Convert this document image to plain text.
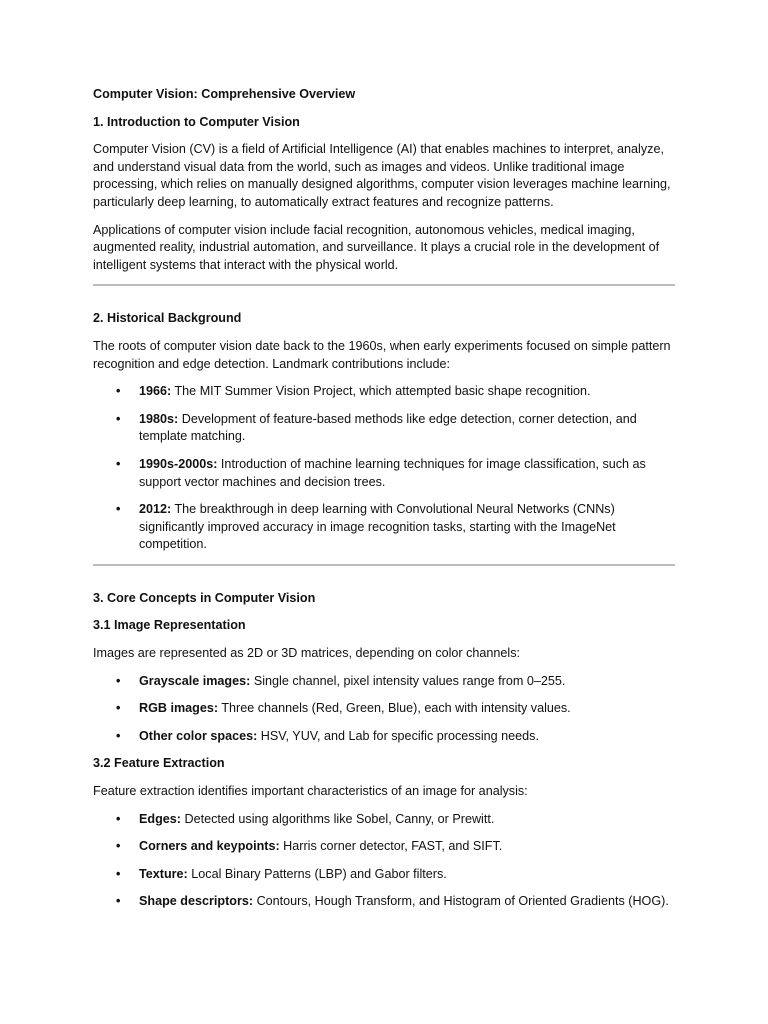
Computer Vision: Comprehensive Overview
1. Introduction to Computer Vision

Computer Vision (CV) is a field of Artificial Intelligence (AI) that enables machines to interpret, analyze, and understand visual data from the world, such as images and videos. Unlike traditional image processing, which relies on manually designed algorithms, computer vision leverages machine learning, particularly deep learning, to automatically extract features and recognize patterns.

Applications of computer vision include facial recognition, autonomous vehicles, medical imaging, augmented reality, industrial automation, and surveillance. It plays a crucial role in the development of intelligent systems that interact with the physical world.

2. Historical Background

The roots of computer vision date back to the 1960s, when early experiments focused on simple pattern recognition and edge detection. Landmark contributions include:

• 1966: The MIT Summer Vision Project, which attempted basic shape recognition.
• 1980s: Development of feature-based methods like edge detection, corner detection, and template matching.
• 1990s-2000s: Introduction of machine learning techniques for image classification, such as support vector machines and decision trees.
• 2012: The breakthrough in deep learning with Convolutional Neural Networks (CNNs) significantly improved accuracy in image recognition tasks, starting with the ImageNet competition.
3. Core Concepts in Computer Vision
3.1 Image Representation

Images are represented as 2D or 3D matrices, depending on color channels:

• Grayscale images: Single channel, pixel intensity values range from 0–255.
• RGB images: Three channels (Red, Green, Blue), each with intensity values.
• Other color spaces: HSV, YUV, and Lab for specific processing needs.
3.2 Feature Extraction

Feature extraction identifies important characteristics of an image for analysis:

• Edges: Detected using algorithms like Sobel, Canny, or Prewitt.
• Corners and keypoints: Harris corner detector, FAST, and SIFT.
• Texture: Local Binary Patterns (LBP) and Gabor filters.
• Shape descriptors: Contours, Hough Transform, and Histogram of Oriented Gradients (HOG).
